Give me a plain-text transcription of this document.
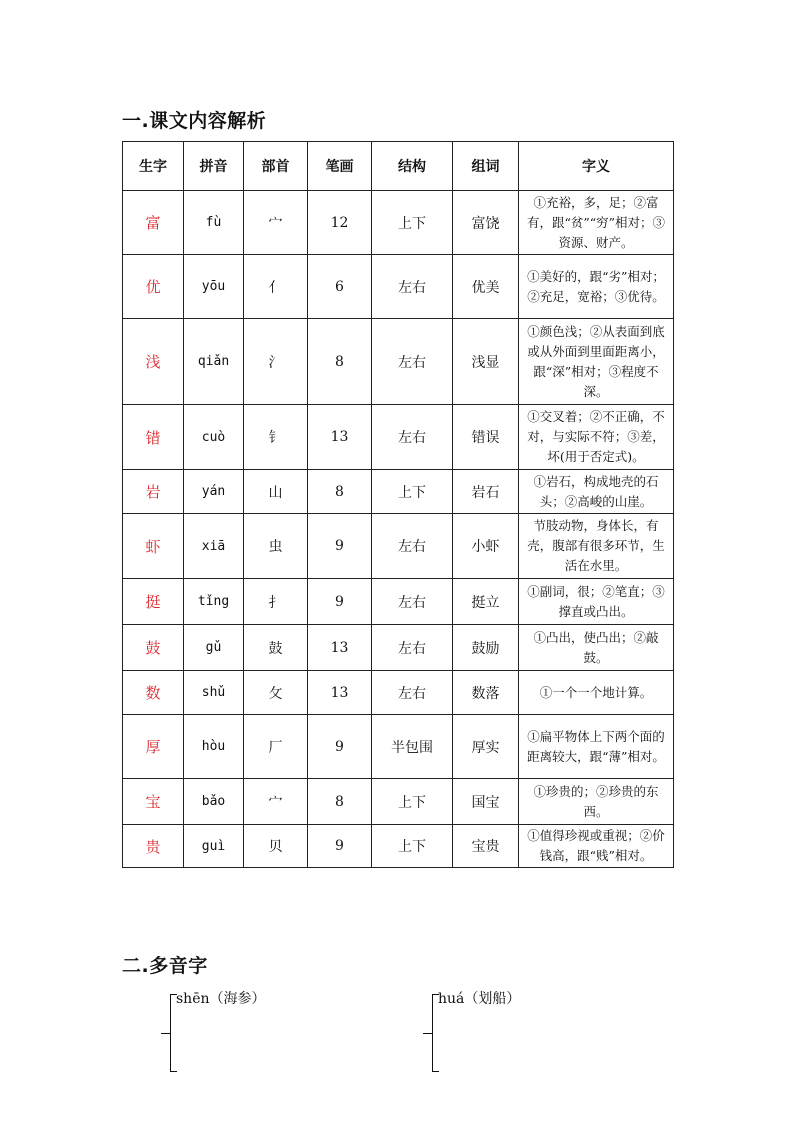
一.课文内容解析
生字	拼音	部首	笔画	结构	组词	字义
富	fù	宀	12	上下	富饶	①充裕，多，足；②富有，跟“贫”“穷”相对；③资源、财产。
优	yōu	亻	6	左右	优美	①美好的，跟“劣”相对；②充足，宽裕；③优待。
浅	qiǎn	氵	8	左右	浅显	①颜色浅；②从表面到底或从外面到里面距离小，跟“深”相对；③程度不深。
错	cuò	钅	13	左右	错误	①交叉着；②不正确，不对，与实际不符；③差，坏(用于否定式)。
岩	yán	山	8	上下	岩石	①岩石，构成地壳的石头；②高峻的山崖。
虾	xiā	虫	9	左右	小虾	节肢动物，身体长，有壳，腹部有很多环节，生活在水里。
挺	tǐng	扌	9	左右	挺立	①副词，很；②笔直；③撑直或凸出。
鼓	gǔ	鼓	13	左右	鼓励	①凸出，使凸出；②敲鼓。
数	shǔ	攵	13	左右	数落	①一个一个地计算。
厚	hòu	厂	9	半包围	厚实	①扁平物体上下两个面的距离较大，跟“薄”相对。
宝	bǎo	宀	8	上下	国宝	①珍贵的；②珍贵的东西。
贵	guì	贝	9	上下	宝贵	①值得珍视或重视；②价钱高，跟“贱”相对。
二.多音字
shēn（海参）	huá（划船）
